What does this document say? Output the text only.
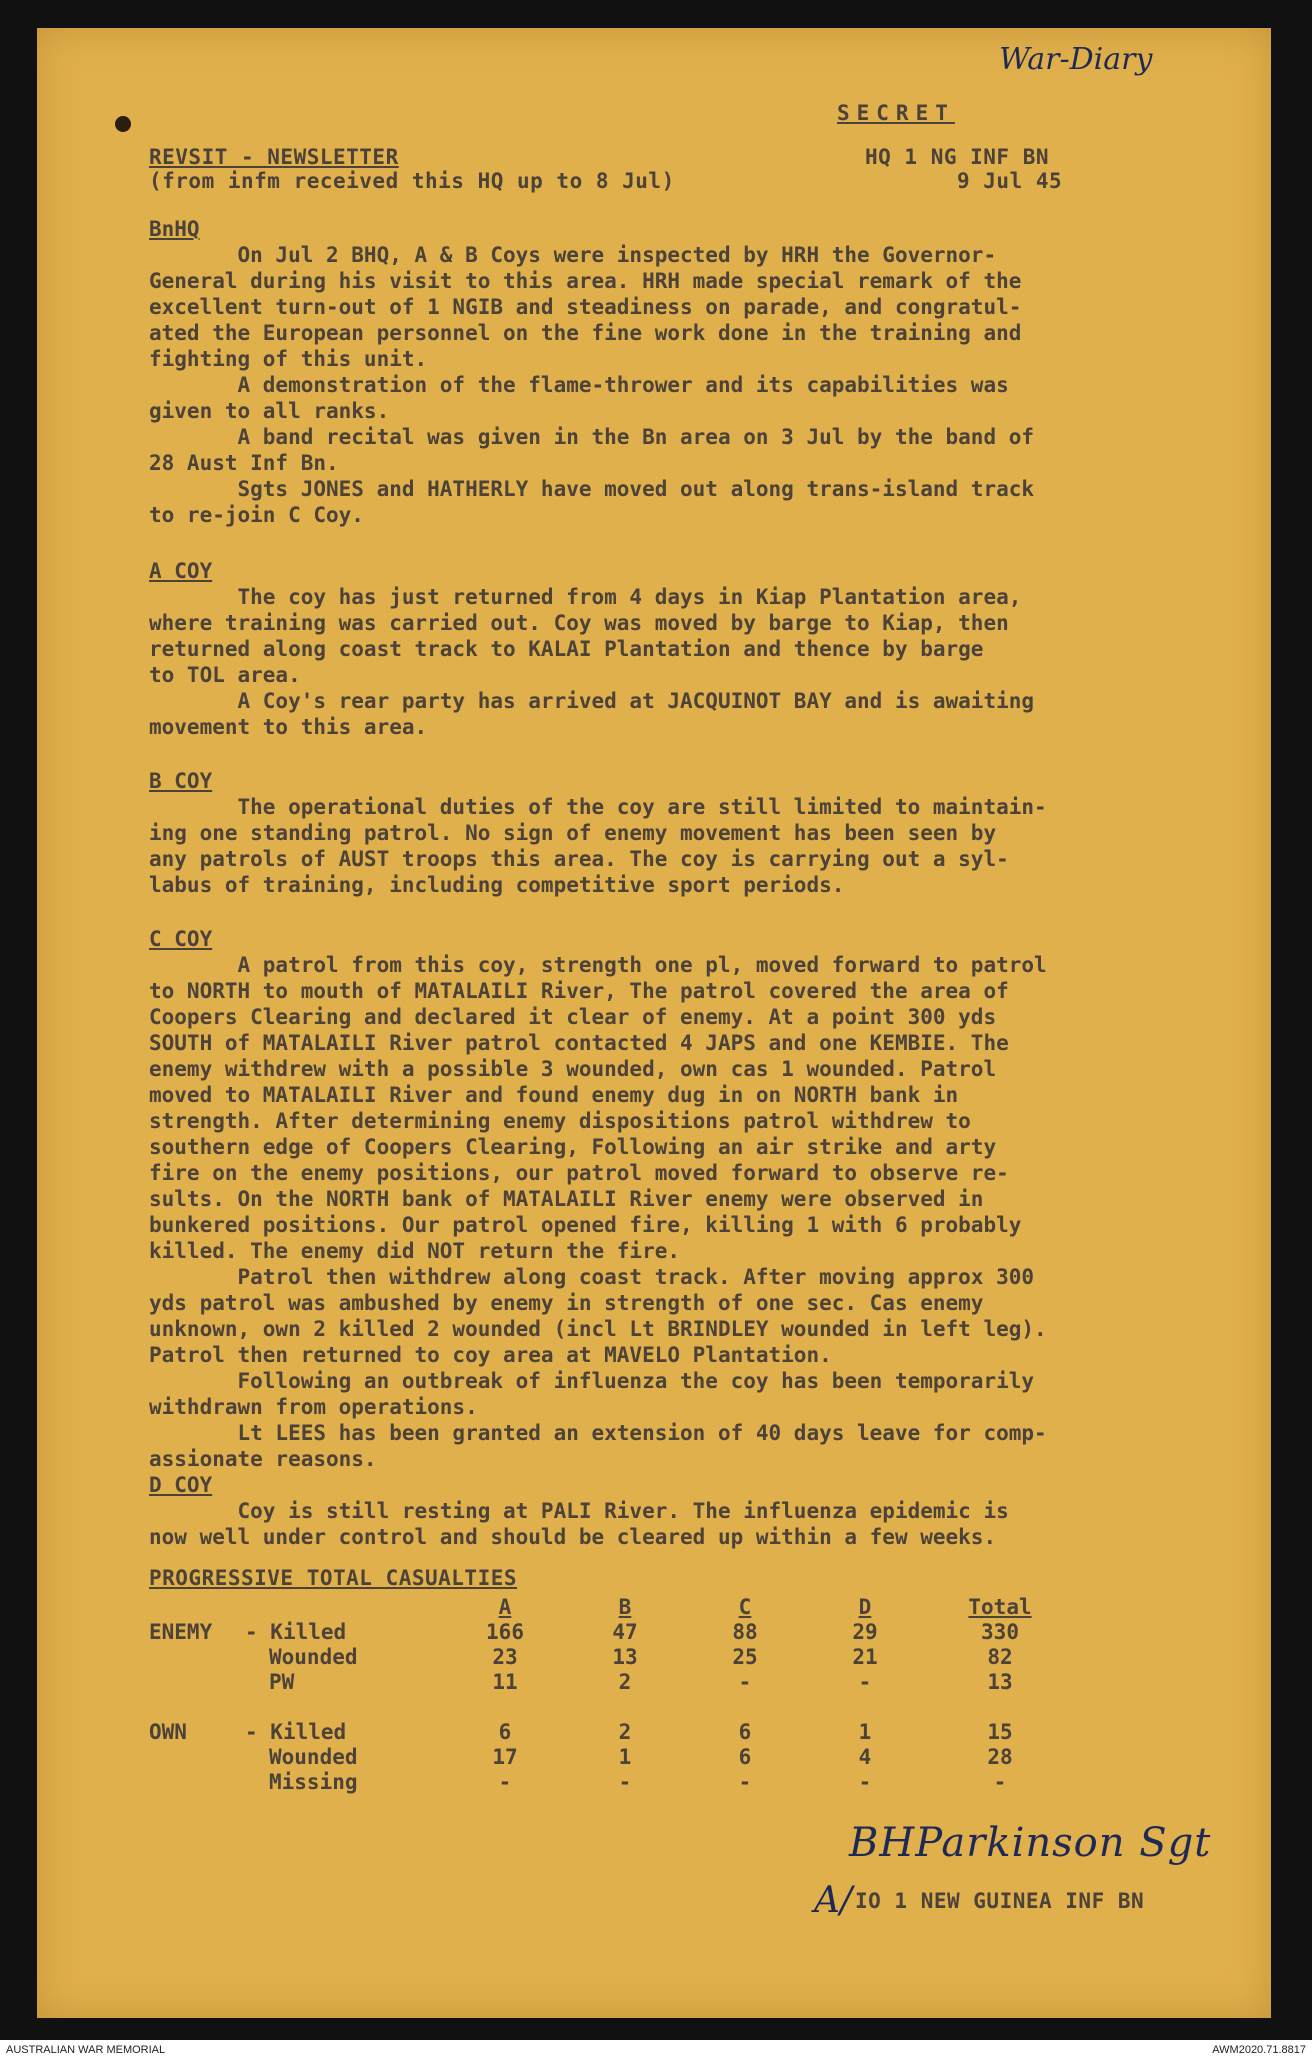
War-Diary
SECRET
REVSIT - NEWSLETTER
(from infm received this HQ up to 8 Jul)
HQ 1 NG INF BN
9 Jul 45

BnHQ

On Jul 2 BHQ, A & B Coys were inspected by HRH the Governor-

General during his visit to this area. HRH made special remark of the

excellent turn-out of 1 NGIB and steadiness on parade, and congratul-

ated the European personnel on the fine work done in the training and

fighting of this unit.

A demonstration of the flame-thrower and its capabilities was

given to all ranks.

A band recital was given in the Bn area on 3 Jul by the band of

28 Aust Inf Bn.

Sgts JONES and HATHERLY have moved out along trans-island track

to re-join C Coy.

A COY

The coy has just returned from 4 days in Kiap Plantation area,

where training was carried out. Coy was moved by barge to Kiap, then

returned along coast track to KALAI Plantation and thence by barge

to TOL area.

A Coy's rear party has arrived at JACQUINOT BAY and is awaiting

movement to this area.

B COY

The operational duties of the coy are still limited to maintain-

ing one standing patrol. No sign of enemy movement has been seen by

any patrols of AUST troops this area. The coy is carrying out a syl-

labus of training, including competitive sport periods.

C COY

A patrol from this coy, strength one pl, moved forward to patrol

to NORTH to mouth of MATALAILI River, The patrol covered the area of

Coopers Clearing and declared it clear of enemy. At a point 300 yds

SOUTH of MATALAILI River patrol contacted 4 JAPS and one KEMBIE. The

enemy withdrew with a possible 3 wounded, own cas 1 wounded. Patrol

moved to MATALAILI River and found enemy dug in on NORTH bank in

strength. After determining enemy dispositions patrol withdrew to

southern edge of Coopers Clearing, Following an air strike and arty

fire on the enemy positions, our patrol moved forward to observe re-

sults. On the NORTH bank of MATALAILI River enemy were observed in

bunkered positions. Our patrol opened fire, killing 1 with 6 probably

killed. The enemy did NOT return the fire.

Patrol then withdrew along coast track. After moving approx 300

yds patrol was ambushed by enemy in strength of one sec. Cas enemy

unknown, own 2 killed 2 wounded (incl Lt BRINDLEY wounded in left leg).

Patrol then returned to coy area at MAVELO Plantation.

Following an outbreak of influenza the coy has been temporarily

withdrawn from operations.

Lt LEES has been granted an extension of 40 days leave for comp-

assionate reasons.

D COY

Coy is still resting at PALI River. The influenza epidemic is

now well under control and should be cleared up within a few weeks.

PROGRESSIVE TOTAL CASUALTIES
		A	B	C	D	Total
ENEMY	- Killed	166	47	88	29	330
	Wounded	23	13	25	21	82
	PW	11	2	-	-	13

OWN	- Killed	6	2	6	1	15
	Wounded	17	1	6	4	28
	Missing	-	-	-	-	-
A/
BHParkinson Sgt
IO 1 NEW GUINEA INF BN
AUSTRALIAN WAR MEMORIAL	AWM2020.71.8817
